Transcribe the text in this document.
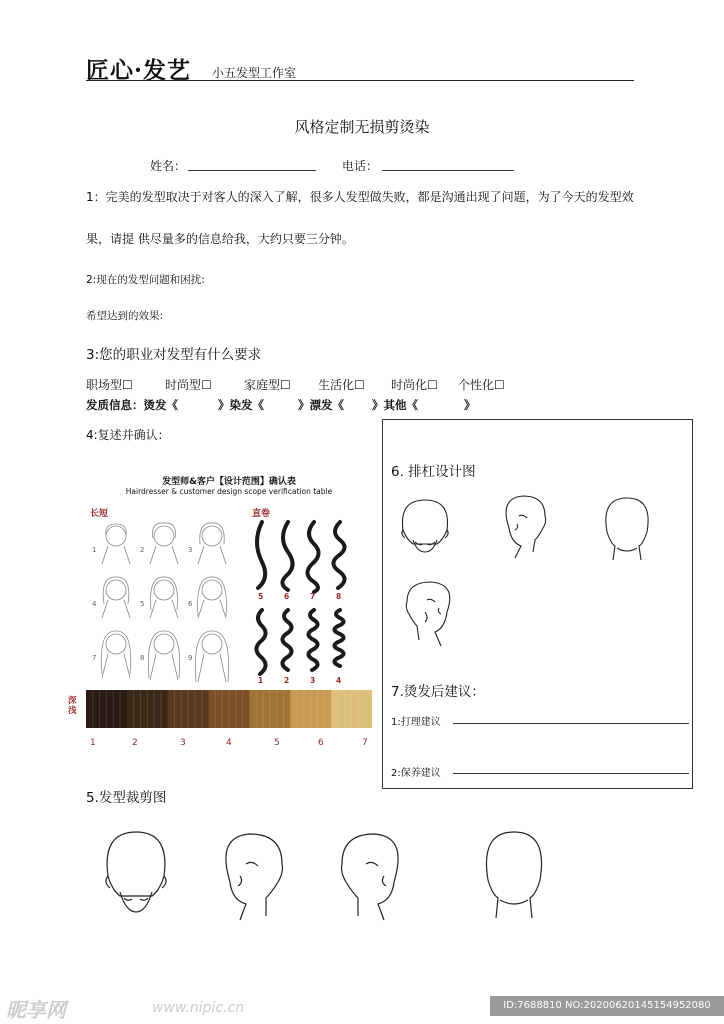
匠心·发艺 小五发型工作室
风格定制无损剪烫染
姓名：	电话：
1：完美的发型取决于对客人的深入了解，很多人发型做失败，都是沟通出现了问题，为了今天的发型效
果，请提 供尽量多的信息给我，大约只要三分钟。
2:现在的发型问题和困扰:
希望达到的效果:
3:您的职业对发型有什么要求
职场型☐	时尚型☐	家庭型☐ 生活化☐ 时尚化☐ 个性化☐
发质信息：烫发《	》染发《	》漂发《 》其他《	》
4:复述并确认：
发型师&客户【设计范围】确认表
Hairdresser & customer design scope verification table
长短	直卷
1	2	3
4	5	6
7	8	9
5	6	7	8
1	2	3	4
深浅
1	2	3	4	5	6	7
6. 排杠设计图
7.烫发后建议：
1:打理建议
2:保养建议
5.发型裁剪图
昵享网	www.nipic.cn	ID:7688810 NO:20200620145154952080
